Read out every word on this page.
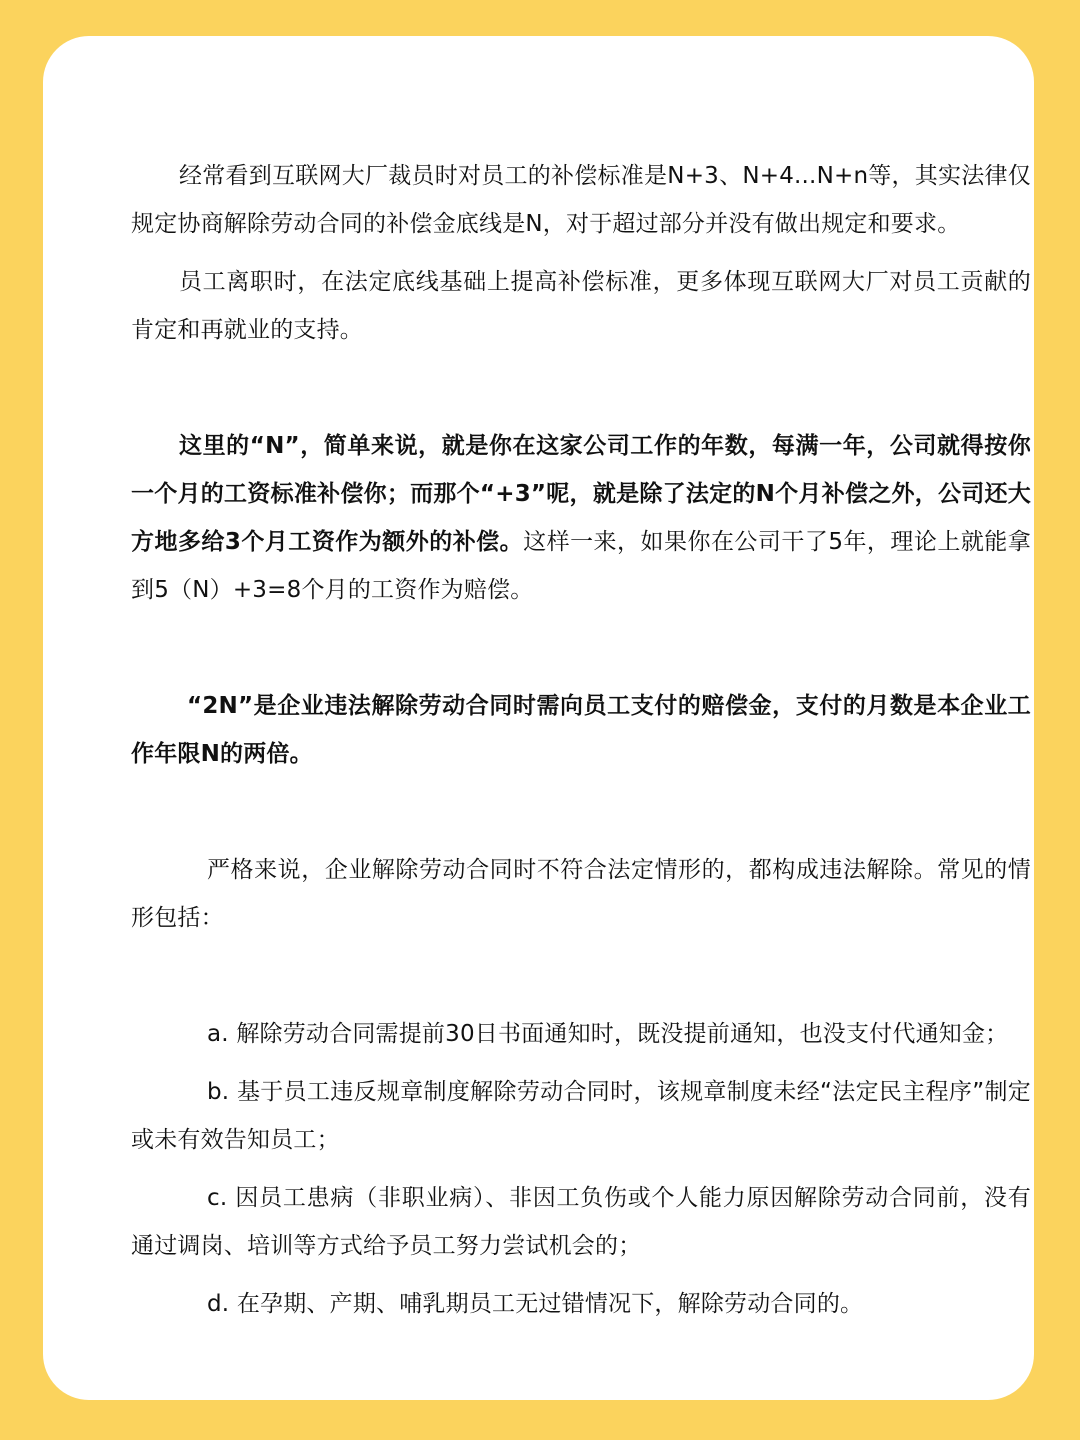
经常看到互联网大厂裁员时对员工的补偿标准是N+3、N+4...N+n等，其实法律仅规定协商解除劳动合同的补偿金底线是N，对于超过部分并没有做出规定和要求。

员工离职时，在法定底线基础上提高补偿标准，更多体现互联网大厂对员工贡献的肯定和再就业的支持。

这里的“N”，简单来说，就是你在这家公司工作的年数，每满一年，公司就得按你一个月的工资标准补偿你；而那个“+3”呢，就是除了法定的N个月补偿之外，公司还大方地多给3个月工资作为额外的补偿。这样一来，如果你在公司干了5年，理论上就能拿到5（N）+3=8个月的工资作为赔偿。

“2N”是企业违法解除劳动合同时需向员工支付的赔偿金，支付的月数是本企业工作年限N的两倍。

严格来说，企业解除劳动合同时不符合法定情形的，都构成违法解除。常见的情形包括：

a. 解除劳动合同需提前30日书面通知时，既没提前通知，也没支付代通知金；

b. 基于员工违反规章制度解除劳动合同时，该规章制度未经“法定民主程序”制定或未有效告知员工；

c. 因员工患病（非职业病）、非因工负伤或个人能力原因解除劳动合同前，没有通过调岗、培训等方式给予员工努力尝试机会的；

d. 在孕期、产期、哺乳期员工无过错情况下，解除劳动合同的。
